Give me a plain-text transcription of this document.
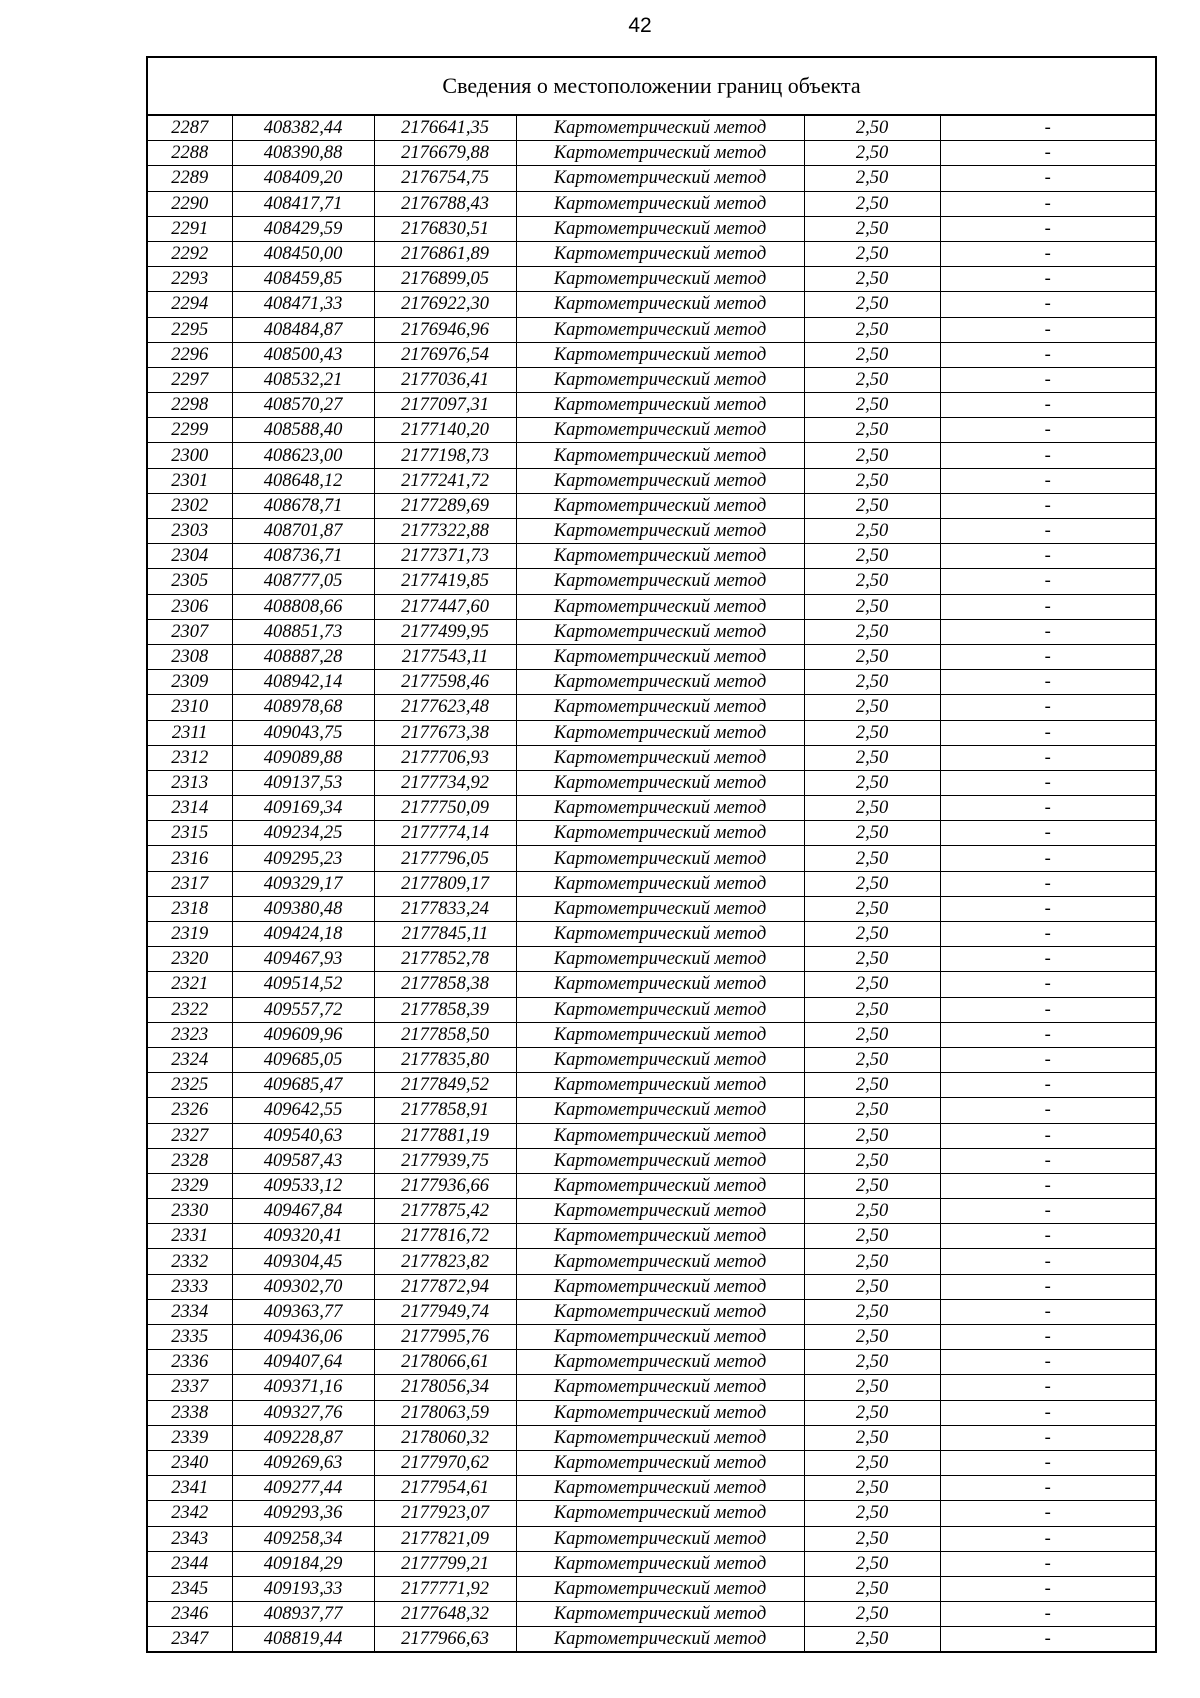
42
Сведения о местоположении границ объекта
2287	408382,44	2176641,35	Картометрический метод	2,50	-
2288	408390,88	2176679,88	Картометрический метод	2,50	-
2289	408409,20	2176754,75	Картометрический метод	2,50	-
2290	408417,71	2176788,43	Картометрический метод	2,50	-
2291	408429,59	2176830,51	Картометрический метод	2,50	-
2292	408450,00	2176861,89	Картометрический метод	2,50	-
2293	408459,85	2176899,05	Картометрический метод	2,50	-
2294	408471,33	2176922,30	Картометрический метод	2,50	-
2295	408484,87	2176946,96	Картометрический метод	2,50	-
2296	408500,43	2176976,54	Картометрический метод	2,50	-
2297	408532,21	2177036,41	Картометрический метод	2,50	-
2298	408570,27	2177097,31	Картометрический метод	2,50	-
2299	408588,40	2177140,20	Картометрический метод	2,50	-
2300	408623,00	2177198,73	Картометрический метод	2,50	-
2301	408648,12	2177241,72	Картометрический метод	2,50	-
2302	408678,71	2177289,69	Картометрический метод	2,50	-
2303	408701,87	2177322,88	Картометрический метод	2,50	-
2304	408736,71	2177371,73	Картометрический метод	2,50	-
2305	408777,05	2177419,85	Картометрический метод	2,50	-
2306	408808,66	2177447,60	Картометрический метод	2,50	-
2307	408851,73	2177499,95	Картометрический метод	2,50	-
2308	408887,28	2177543,11	Картометрический метод	2,50	-
2309	408942,14	2177598,46	Картометрический метод	2,50	-
2310	408978,68	2177623,48	Картометрический метод	2,50	-
2311	409043,75	2177673,38	Картометрический метод	2,50	-
2312	409089,88	2177706,93	Картометрический метод	2,50	-
2313	409137,53	2177734,92	Картометрический метод	2,50	-
2314	409169,34	2177750,09	Картометрический метод	2,50	-
2315	409234,25	2177774,14	Картометрический метод	2,50	-
2316	409295,23	2177796,05	Картометрический метод	2,50	-
2317	409329,17	2177809,17	Картометрический метод	2,50	-
2318	409380,48	2177833,24	Картометрический метод	2,50	-
2319	409424,18	2177845,11	Картометрический метод	2,50	-
2320	409467,93	2177852,78	Картометрический метод	2,50	-
2321	409514,52	2177858,38	Картометрический метод	2,50	-
2322	409557,72	2177858,39	Картометрический метод	2,50	-
2323	409609,96	2177858,50	Картометрический метод	2,50	-
2324	409685,05	2177835,80	Картометрический метод	2,50	-
2325	409685,47	2177849,52	Картометрический метод	2,50	-
2326	409642,55	2177858,91	Картометрический метод	2,50	-
2327	409540,63	2177881,19	Картометрический метод	2,50	-
2328	409587,43	2177939,75	Картометрический метод	2,50	-
2329	409533,12	2177936,66	Картометрический метод	2,50	-
2330	409467,84	2177875,42	Картометрический метод	2,50	-
2331	409320,41	2177816,72	Картометрический метод	2,50	-
2332	409304,45	2177823,82	Картометрический метод	2,50	-
2333	409302,70	2177872,94	Картометрический метод	2,50	-
2334	409363,77	2177949,74	Картометрический метод	2,50	-
2335	409436,06	2177995,76	Картометрический метод	2,50	-
2336	409407,64	2178066,61	Картометрический метод	2,50	-
2337	409371,16	2178056,34	Картометрический метод	2,50	-
2338	409327,76	2178063,59	Картометрический метод	2,50	-
2339	409228,87	2178060,32	Картометрический метод	2,50	-
2340	409269,63	2177970,62	Картометрический метод	2,50	-
2341	409277,44	2177954,61	Картометрический метод	2,50	-
2342	409293,36	2177923,07	Картометрический метод	2,50	-
2343	409258,34	2177821,09	Картометрический метод	2,50	-
2344	409184,29	2177799,21	Картометрический метод	2,50	-
2345	409193,33	2177771,92	Картометрический метод	2,50	-
2346	408937,77	2177648,32	Картометрический метод	2,50	-
2347	408819,44	2177966,63	Картометрический метод	2,50	-
